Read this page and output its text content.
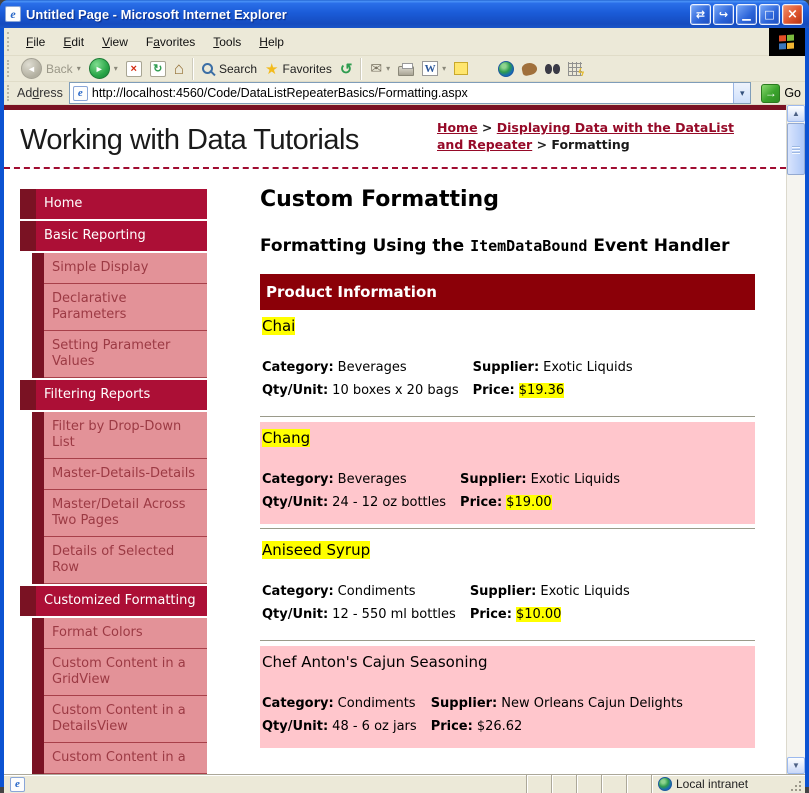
e Untitled Page - Microsoft Internet Explorer	⇄	↪	▁	□ ×
File	Edit	View	Favorites	Tools	Help
◄ Back ▾	►	▾	×	↻ ⌂	Search ★ Favorites ↺ ✉ ▾	W ▾	ϟ
Address	e
http://localhost:4560/Code/DataListRepeaterBasics/Formatting.aspx	▾	→ Go
Working with Data Tutorials	Home > Displaying Data with the DataList and Repeater > Formatting
Home
Basic Reporting
Simple Display
Declarative Parameters
Setting Parameter Values
Filtering Reports
Filter by Drop-Down List
Master-Details-Details
Master/Detail Across Two Pages
Details of Selected Row
Customized Formatting
Format Colors
Custom Content in a GridView
Custom Content in a DetailsView
Custom Content in a
Custom Formatting
Formatting Using the ItemDataBound Event Handler
Product Information
Chai
Category: Beverages	Supplier: Exotic Liquids
Qty/Unit: 10 boxes x 20 bags	Price: $19.36
Chang
Category: Beverages	Supplier: Exotic Liquids
Qty/Unit: 24 - 12 oz bottles	Price: $19.00
Aniseed Syrup
Category: Condiments	Supplier: Exotic Liquids
Qty/Unit: 12 - 550 ml bottles	Price: $10.00
Chef Anton's Cajun Seasoning
Category: Condiments	Supplier: New Orleans Cajun Delights
Qty/Unit: 48 - 6 oz jars	Price: $26.62
▲
▼
e	Local intranet
